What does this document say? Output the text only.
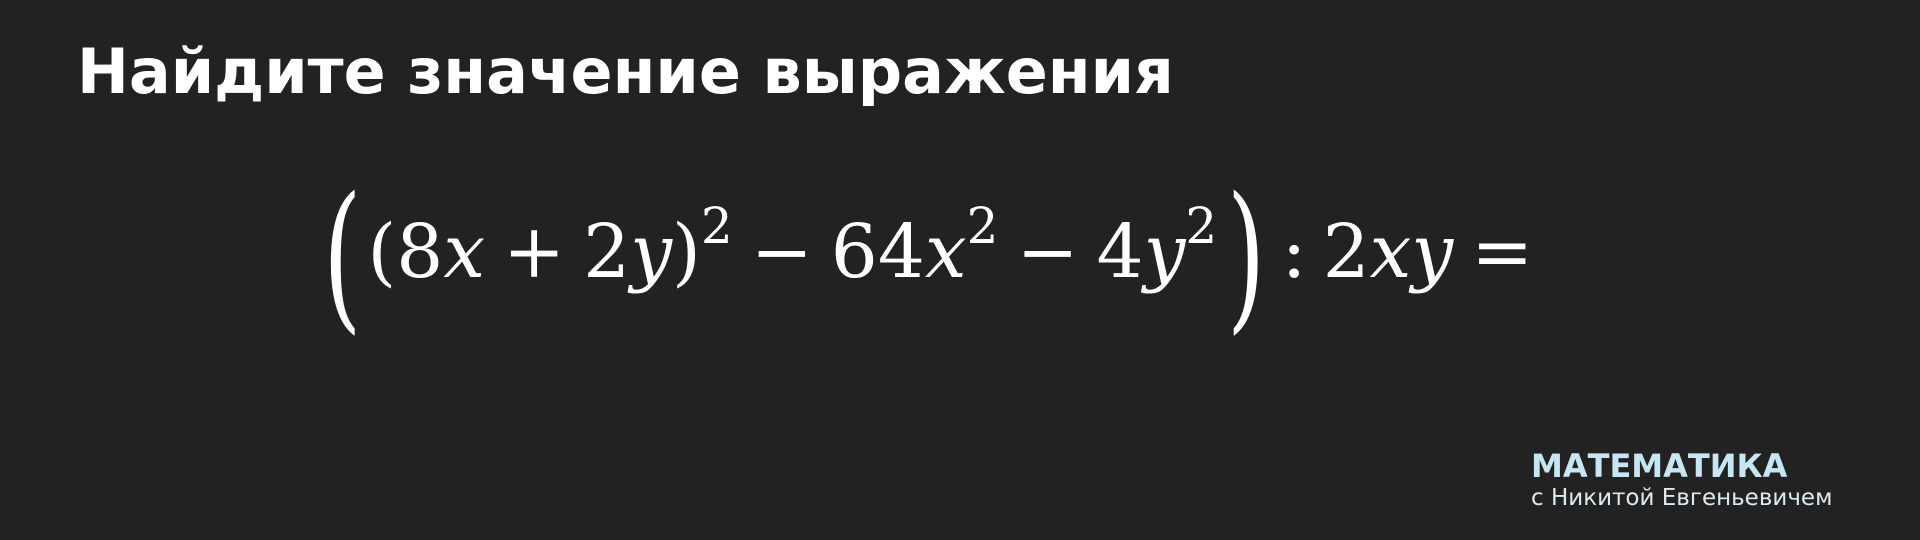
Найдите значение выражения
$((8x + 2y)^2 - 64x^2 - 4y^2)$ : 2xy =
МАТЕМАТИКА
с Никитой Евгеньевичем
